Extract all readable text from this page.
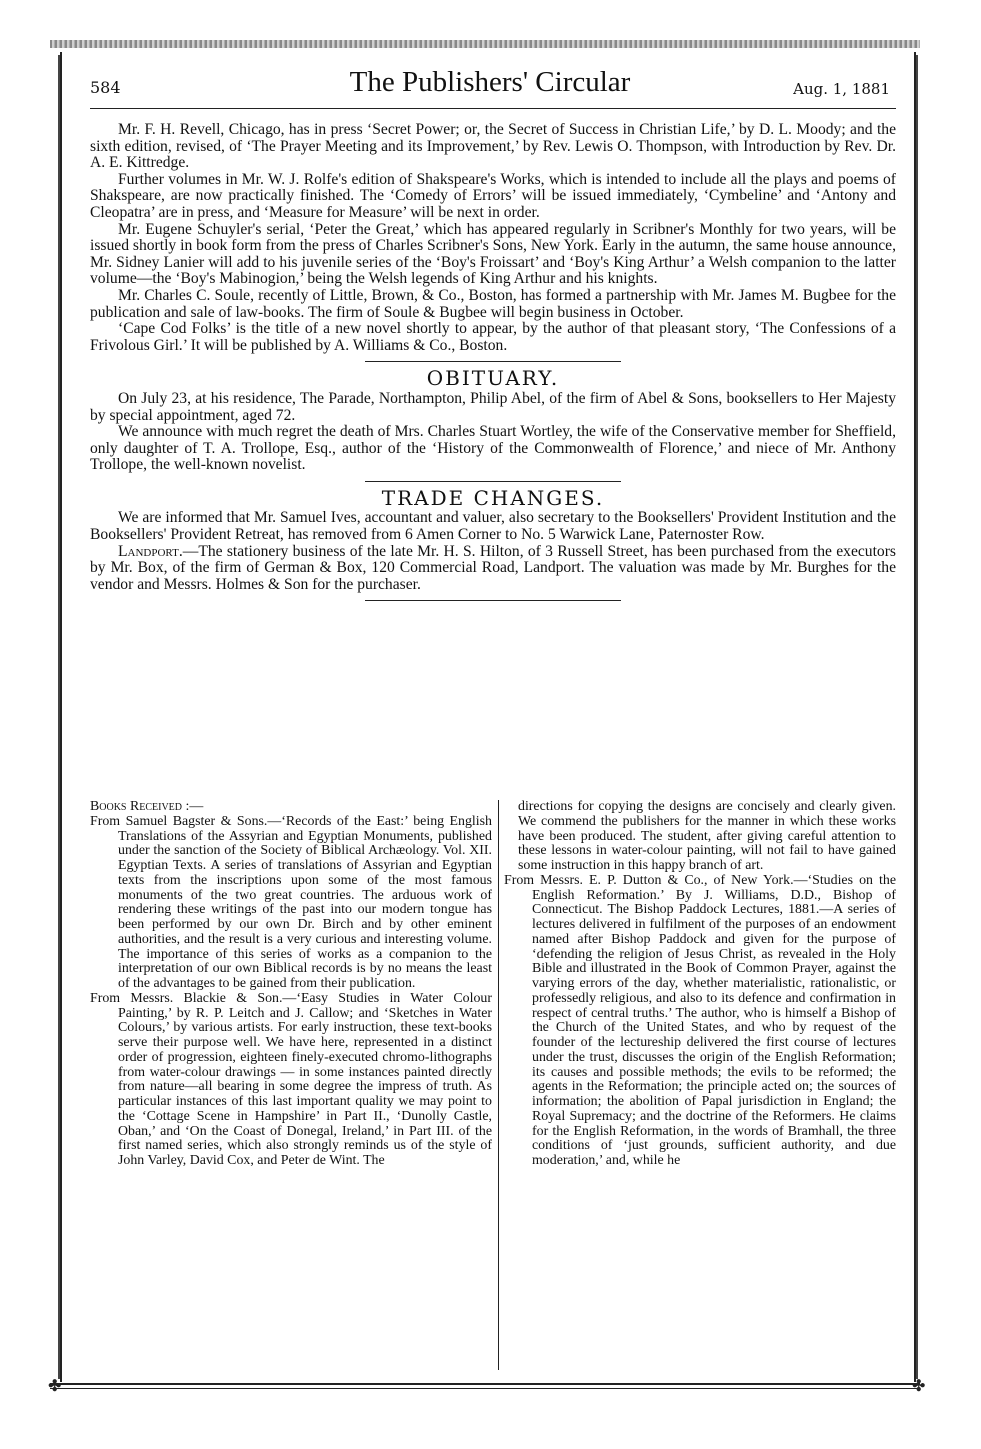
✤	✤
584	The Publishers' Circular	Aug. 1, 1881

Mr. F. H. Revell, Chicago, has in press ‘Secret Power; or, the Secret of Success in Christian Life,’ by D. L. Moody; and the sixth edition, revised, of ‘The Prayer Meeting and its Improvement,’ by Rev. Lewis O. Thompson, with Introduction by Rev. Dr. A. E. Kittredge.

Further volumes in Mr. W. J. Rolfe's edition of Shakspeare's Works, which is intended to include all the plays and poems of Shakspeare, are now practically finished. The ‘Comedy of Errors’ will be issued immediately, ‘Cymbeline’ and ‘Antony and Cleopatra’ are in press, and ‘Measure for Measure’ will be next in order.

Mr. Eugene Schuyler's serial, ‘Peter the Great,’ which has appeared regularly in Scribner's Monthly for two years, will be issued shortly in book form from the press of Charles Scribner's Sons, New York. Early in the autumn, the same house announce, Mr. Sidney Lanier will add to his juvenile series of the ‘Boy's Froissart’ and ‘Boy's King Arthur’ a Welsh companion to the latter volume—the ‘Boy's Mabinogion,’ being the Welsh legends of King Arthur and his knights.

Mr. Charles C. Soule, recently of Little, Brown, & Co., Boston, has formed a partnership with Mr. James M. Bugbee for the publication and sale of law-books. The firm of Soule & Bugbee will begin business in October.

‘Cape Cod Folks’ is the title of a new novel shortly to appear, by the author of that pleasant story, ‘The Confessions of a Frivolous Girl.’ It will be published by A. Williams & Co., Boston.

OBITUARY.

On July 23, at his residence, The Parade, Northampton, Philip Abel, of the firm of Abel & Sons, booksellers to Her Majesty by special appointment, aged 72.

We announce with much regret the death of Mrs. Charles Stuart Wortley, the wife of the Conservative member for Sheffield, only daughter of T. A. Trollope, Esq., author of the ‘History of the Commonwealth of Florence,’ and niece of Mr. Anthony Trollope, the well-known novelist.

TRADE CHANGES.

We are informed that Mr. Samuel Ives, accountant and valuer, also secretary to the Booksellers' Provident Institution and the Booksellers' Provident Retreat, has removed from 6 Amen Corner to No. 5 Warwick Lane, Paternoster Row.

Landport.—The stationery business of the late Mr. H. S. Hilton, of 3 Russell Street, has been purchased from the executors by Mr. Box, of the firm of German & Box, 120 Commercial Road, Landport. The valuation was made by Mr. Burghes for the vendor and Messrs. Holmes & Son for the purchaser.

Books Received :—

From Samuel Bagster & Sons.—‘Records of the East:’ being English Translations of the Assyrian and Egyptian Monuments, published under the sanction of the Society of Biblical Archæology. Vol. XII. Egyptian Texts. A series of translations of Assyrian and Egyptian texts from the inscriptions upon some of the most famous monuments of the two great countries. The arduous work of rendering these writings of the past into our modern tongue has been performed by our own Dr. Birch and by other eminent authorities, and the result is a very curious and interesting volume. The importance of this series of works as a companion to the interpretation of our own Biblical records is by no means the least of the advantages to be gained from their publication.

From Messrs. Blackie & Son.—‘Easy Studies in Water Colour Painting,’ by R. P. Leitch and J. Callow; and ‘Sketches in Water Colours,’ by various artists. For early instruction, these text-books serve their purpose well. We have here, represented in a distinct order of progression, eighteen finely-executed chromo-lithographs from water-colour drawings — in some instances painted directly from nature—all bearing in some degree the impress of truth. As particular instances of this last important quality we may point to the ‘Cottage Scene in Hampshire’ in Part II., ‘Dunolly Castle, Oban,’ and ‘On the Coast of Donegal, Ireland,’ in Part III. of the first named series, which also strongly reminds us of the style of John Varley, David Cox, and Peter de Wint. The

directions for copying the designs are concisely and clearly given. We commend the publishers for the manner in which these works have been produced. The student, after giving careful attention to these lessons in water-colour painting, will not fail to have gained some instruction in this happy branch of art.

From Messrs. E. P. Dutton & Co., of New York.—‘Studies on the English Reformation.’ By J. Williams, D.D., Bishop of Connecticut. The Bishop Paddock Lectures, 1881.—A series of lectures delivered in fulfilment of the purposes of an endowment named after Bishop Paddock and given for the purpose of ‘defending the religion of Jesus Christ, as revealed in the Holy Bible and illustrated in the Book of Common Prayer, against the varying errors of the day, whether materialistic, rationalistic, or professedly religious, and also to its defence and confirmation in respect of central truths.’ The author, who is himself a Bishop of the Church of the United States, and who by request of the founder of the lectureship delivered the first course of lectures under the trust, discusses the origin of the English Reformation; its causes and possible methods; the evils to be reformed; the agents in the Reformation; the principle acted on; the sources of information; the abolition of Papal jurisdiction in England; the Royal Supremacy; and the doctrine of the Reformers. He claims for the English Reformation, in the words of Bramhall, the three conditions of ‘just grounds, sufficient authority, and due moderation,’ and, while he
